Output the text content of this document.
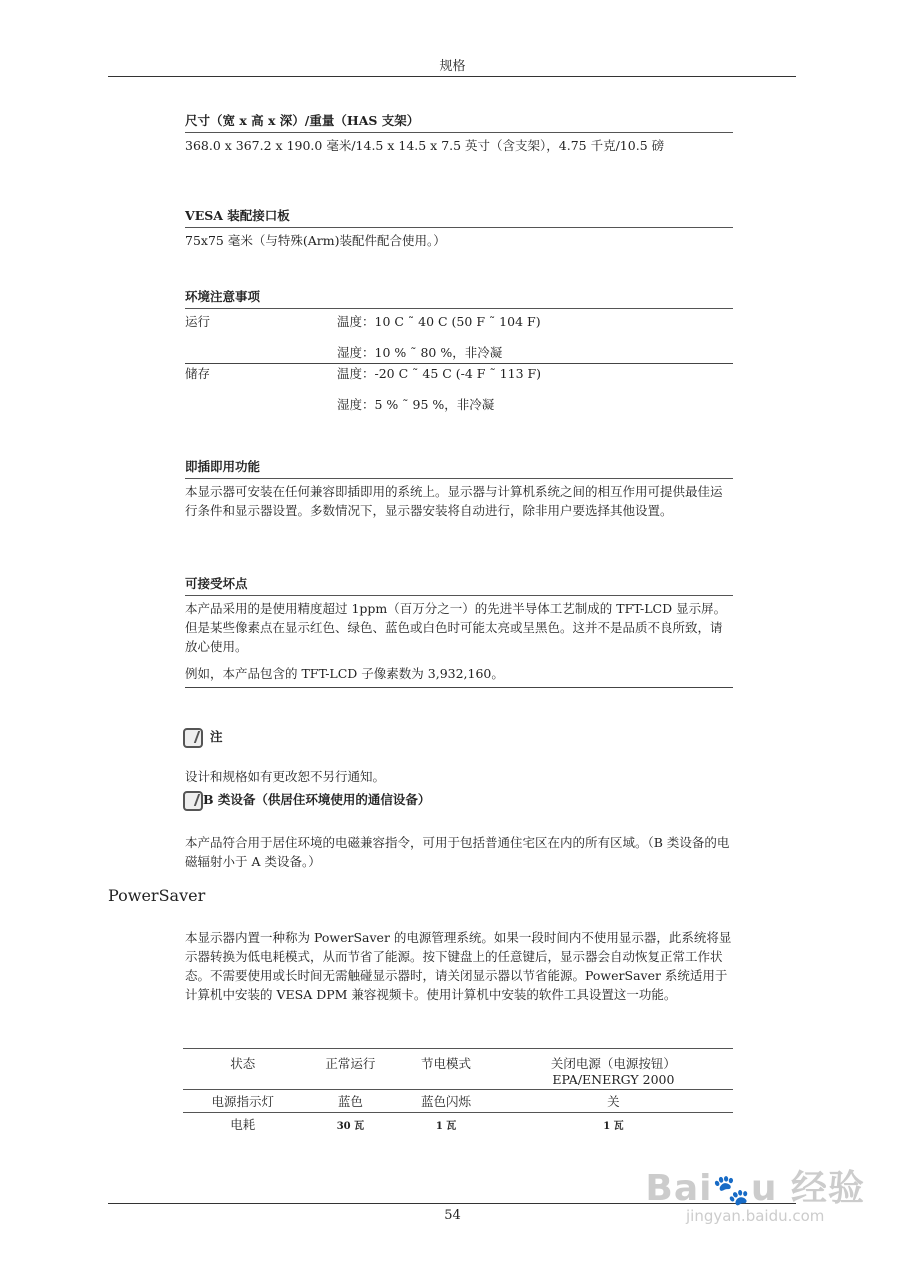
规格
尺寸（宽 x 高 x 深）/重量（HAS 支架）
368.0 x 367.2 x 190.0 毫米/14.5 x 14.5 x 7.5 英寸（含支架），4.75 千克/10.5 磅
VESA 装配接口板
75x75 毫米（与特殊(Arm)装配件配合使用。）
环境注意事项
运行	温度：10 C ˜ 40 C (50 F ˜ 104 F)
湿度：10 % ˜ 80 %，非冷凝
储存	温度：-20 C ˜ 45 C (-4 F ˜ 113 F)
湿度：5 % ˜ 95 %，非冷凝
即插即用功能
本显示器可安装在任何兼容即插即用的系统上。显示器与计算机系统之间的相互作用可提供最佳运行条件和显示器设置。多数情况下，显示器安装将自动进行，除非用户要选择其他设置。
可接受坏点
本产品采用的是使用精度超过 1ppm（百万分之一）的先进半导体工艺制成的 TFT-LCD 显示屏。但是某些像素点在显示红色、绿色、蓝色或白色时可能太亮或呈黑色。这并不是品质不良所致，请放心使用。
例如，本产品包含的 TFT-LCD 子像素数为 3,932,160。
注
设计和规格如有更改恕不另行通知。
B 类设备（供居住环境使用的通信设备）
本产品符合用于居住环境的电磁兼容指令，可用于包括普通住宅区在内的所有区域。（B 类设备的电磁辐射小于 A 类设备。）
PowerSaver
本显示器内置一种称为 PowerSaver 的电源管理系统。如果一段时间内不使用显示器，此系统将显示器转换为低电耗模式，从而节省了能源。按下键盘上的任意键后，显示器会自动恢复正常工作状态。不需要使用或长时间无需触碰显示器时，请关闭显示器以节省能源。PowerSaver 系统适用于计算机中安装的 VESA DPM 兼容视频卡。使用计算机中安装的软件工具设置这一功能。
状态	正常运行	节电模式	关闭电源（电源按钮）
EPA/ENERGY 2000

电源指示灯	蓝色	蓝色闪烁	关
电耗	30 瓦	1 瓦	1 瓦
54
Bai🐾u 经验
jingyan.baidu.com
